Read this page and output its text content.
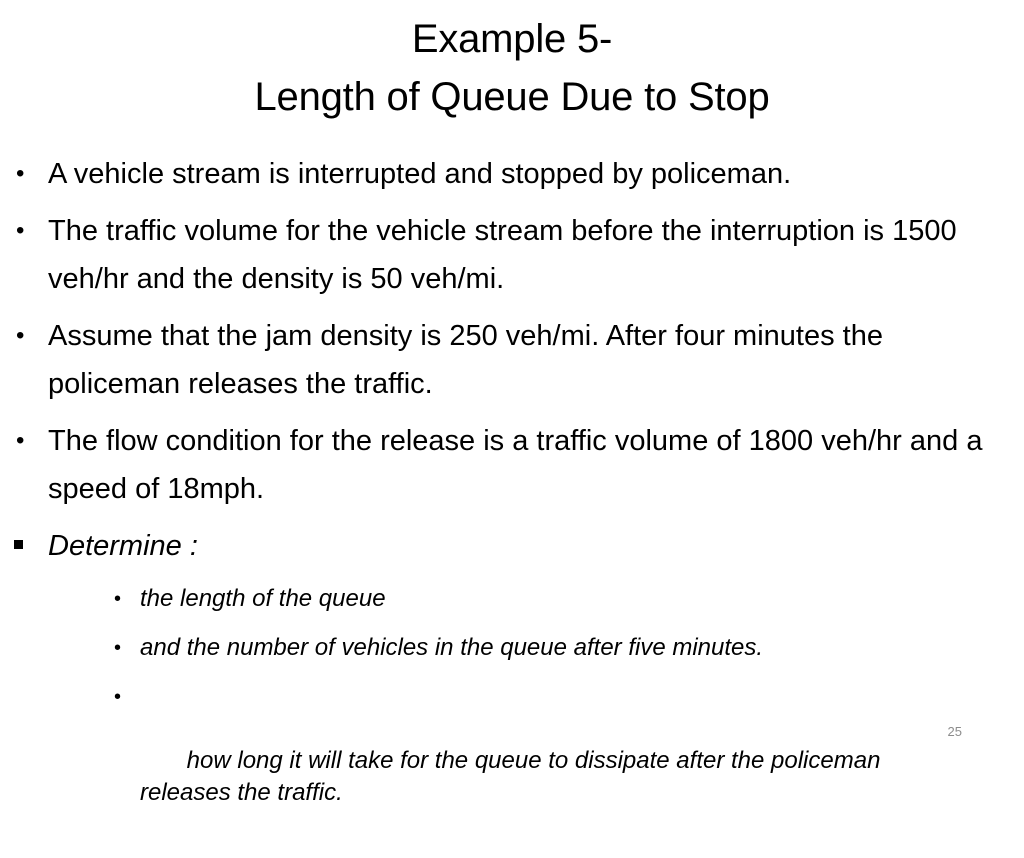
Example 5-
Length of Queue Due to Stop
• A vehicle stream is interrupted and stopped by policeman.
• The traffic volume for the vehicle stream before the interruption is 1500 veh/hr and the density is 50 veh/mi.
• Assume that the jam density is 250 veh/mi. After four minutes the policeman releases the traffic.
• The flow condition for the release is a traffic volume of 1800 veh/hr and a speed of 18mph.
Determine :
• the length of the queue
• and the number of vehicles in the queue after five minutes.

•

how long it will take for the queue to dissipate after the policeman releases the traffic.

25
